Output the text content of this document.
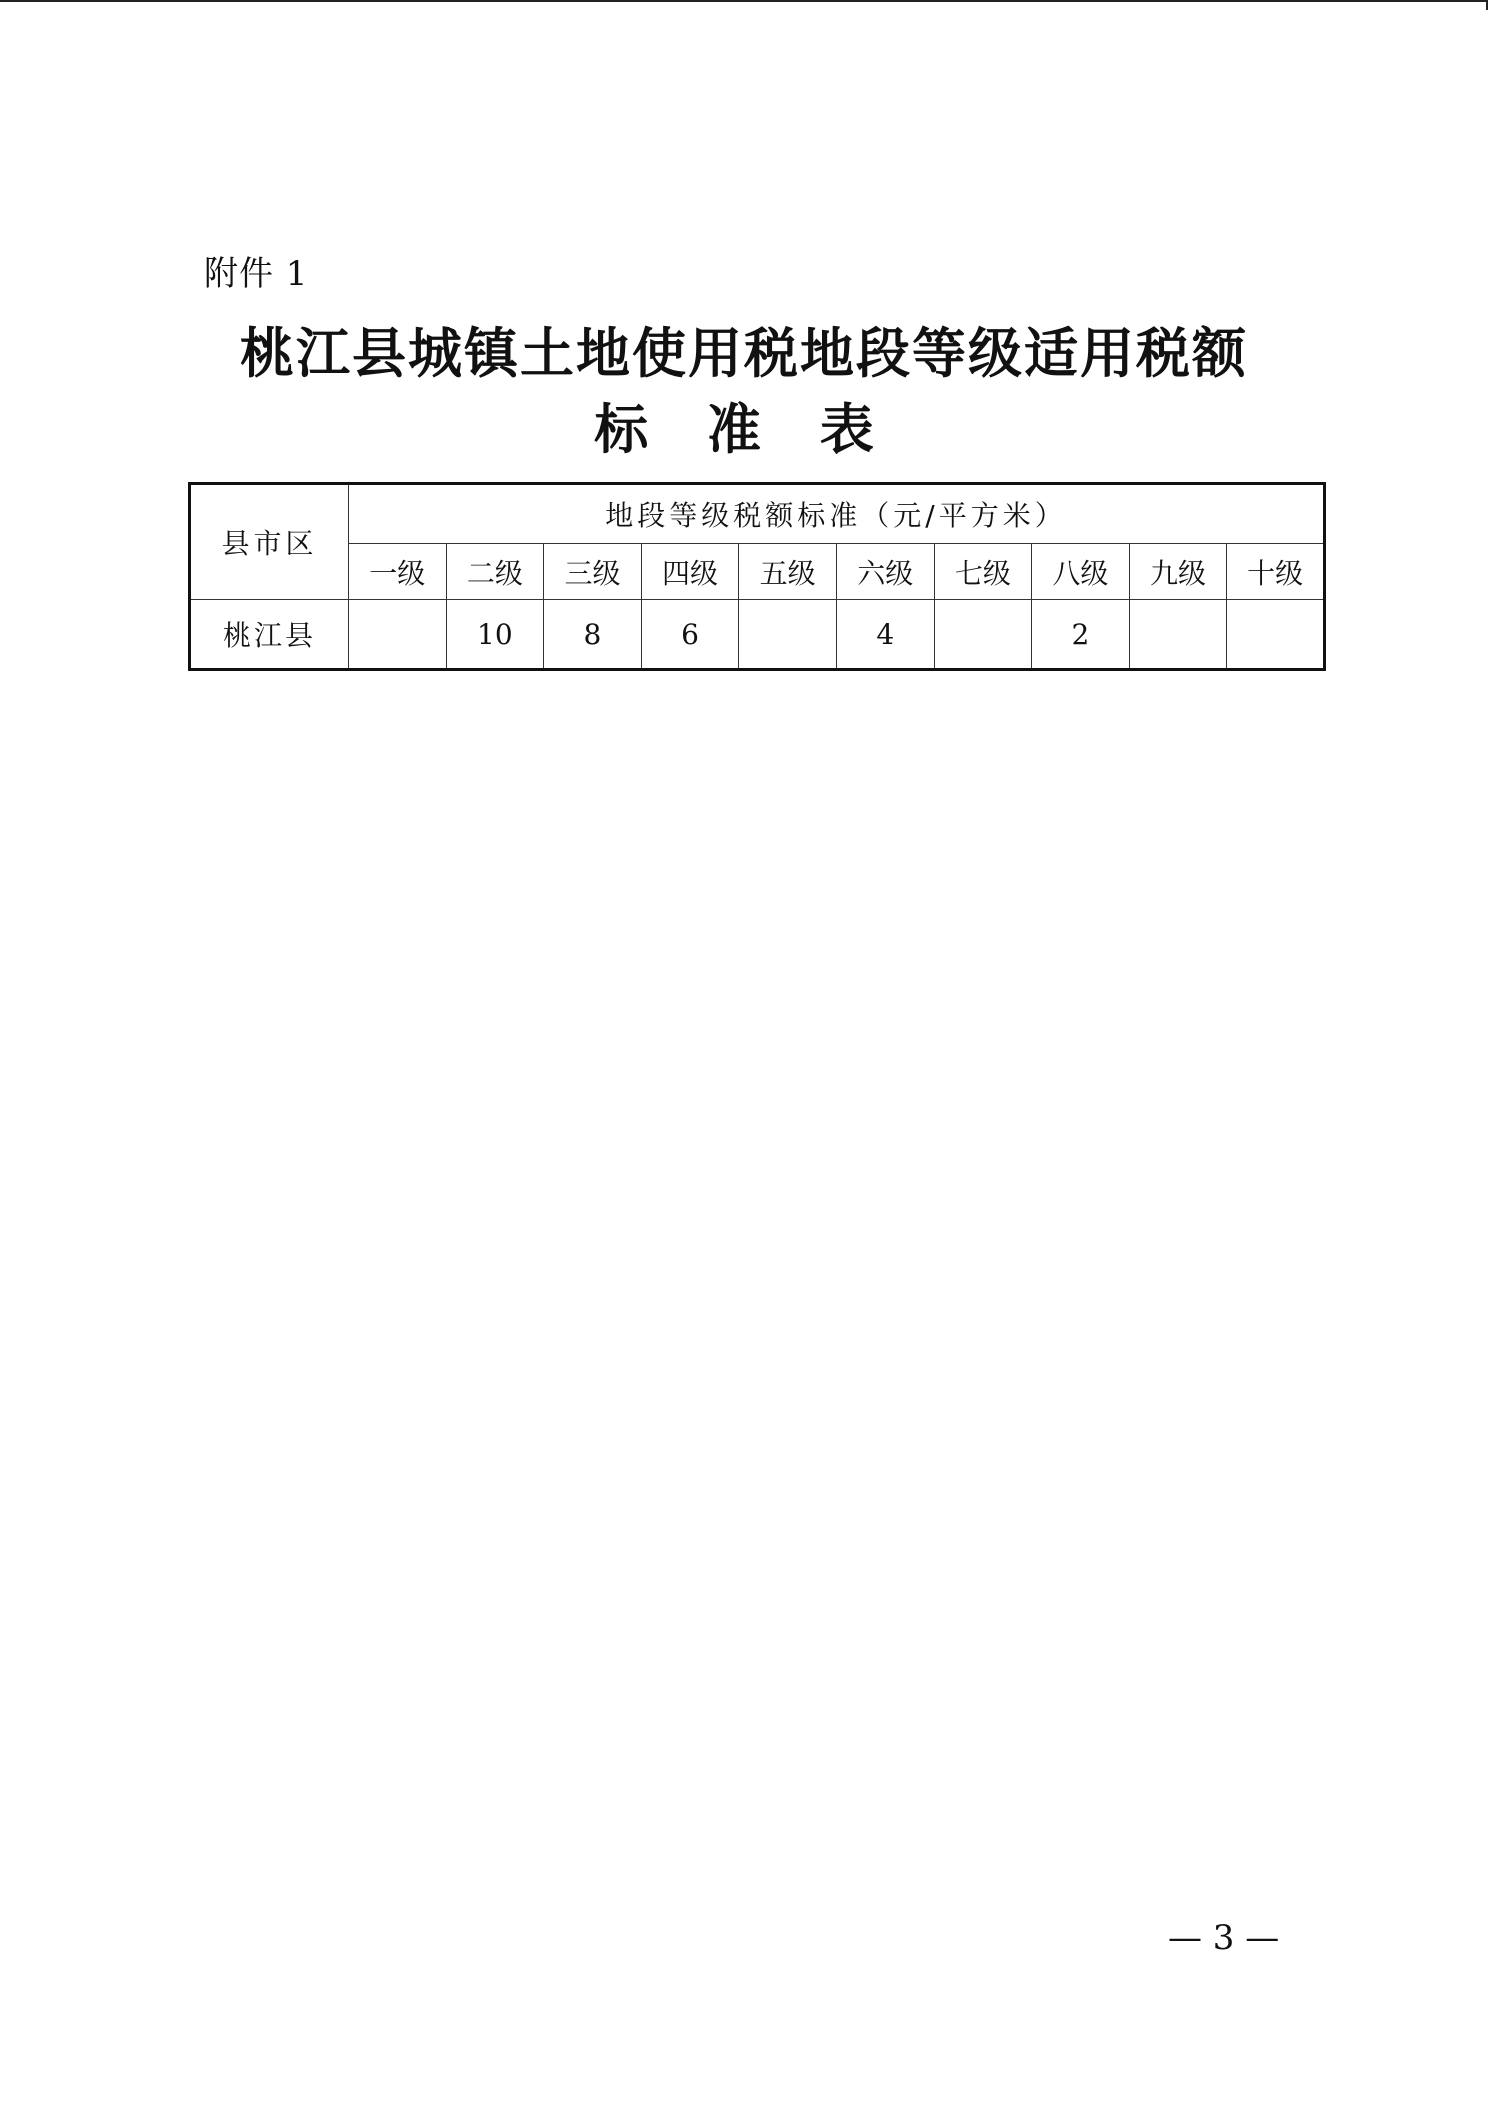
附件 1
桃江县城镇土地使用税地段等级适用税额
标 准 表
县市区	地段等级税额标准（元/平方米）									
	一级	二级	三级	四级	五级	六级	七级	八级	九级	十级
桃江县		10	8	6		4		2		
— 3 —
